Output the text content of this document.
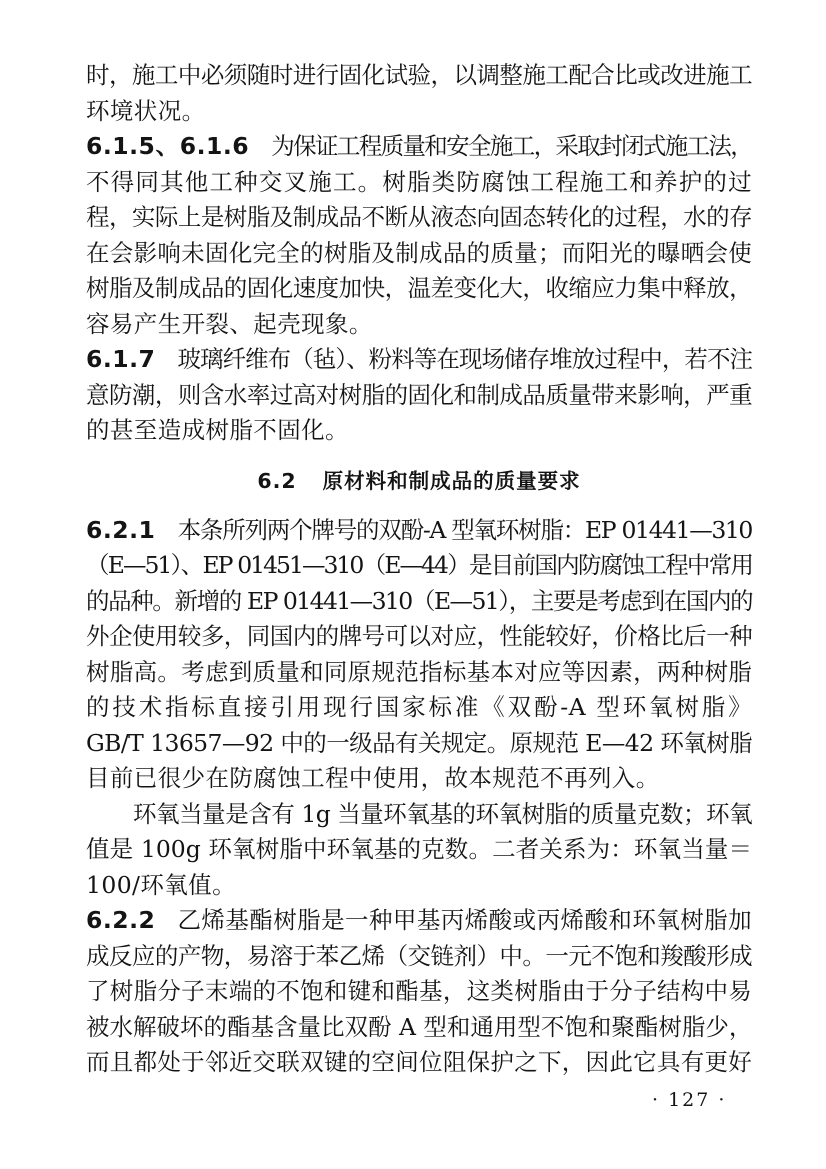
时，施工中必须随时进行固化试验，以调整施工配合比或改进施工
环境状况。
6.1.5、6.1.6 为保证工程质量和安全施工，采取封闭式施工法，
不得同其他工种交叉施工。树脂类防腐蚀工程施工和养护的过
程，实际上是树脂及制成品不断从液态向固态转化的过程，水的存
在会影响未固化完全的树脂及制成品的质量；而阳光的曝晒会使
树脂及制成品的固化速度加快，温差变化大，收缩应力集中释放，
容易产生开裂、起壳现象。
6.1.7 玻璃纤维布（毡）、粉料等在现场储存堆放过程中，若不注
意防潮，则含水率过高对树脂的固化和制成品质量带来影响，严重
的甚至造成树脂不固化。
6.2 原材料和制成品的质量要求
6.2.1 本条所列两个牌号的双酚-A 型氧环树脂：EP 01441—310
（E—51）、EP 01451—310（E—44）是目前国内防腐蚀工程中常用
的品种。新增的 EP 01441—310（E—51），主要是考虑到在国内的
外企使用较多，同国内的牌号可以对应，性能较好，价格比后一种
树脂高。考虑到质量和同原规范指标基本对应等因素，两种树脂
的技术指标直接引用现行国家标准《双酚-A 型环氧树脂》
GB/T 13657—92 中的一级品有关规定。原规范 E—42 环氧树脂
目前已很少在防腐蚀工程中使用，故本规范不再列入。
环氧当量是含有 1g 当量环氧基的环氧树脂的质量克数；环氧
值是 100g 环氧树脂中环氧基的克数。二者关系为：环氧当量＝
100/环氧值。
6.2.2 乙烯基酯树脂是一种甲基丙烯酸或丙烯酸和环氧树脂加
成反应的产物，易溶于苯乙烯（交链剂）中。一元不饱和羧酸形成
了树脂分子末端的不饱和键和酯基，这类树脂由于分子结构中易
被水解破坏的酯基含量比双酚 A 型和通用型不饱和聚酯树脂少，
而且都处于邻近交联双键的空间位阻保护之下，因此它具有更好
· 127 ·
